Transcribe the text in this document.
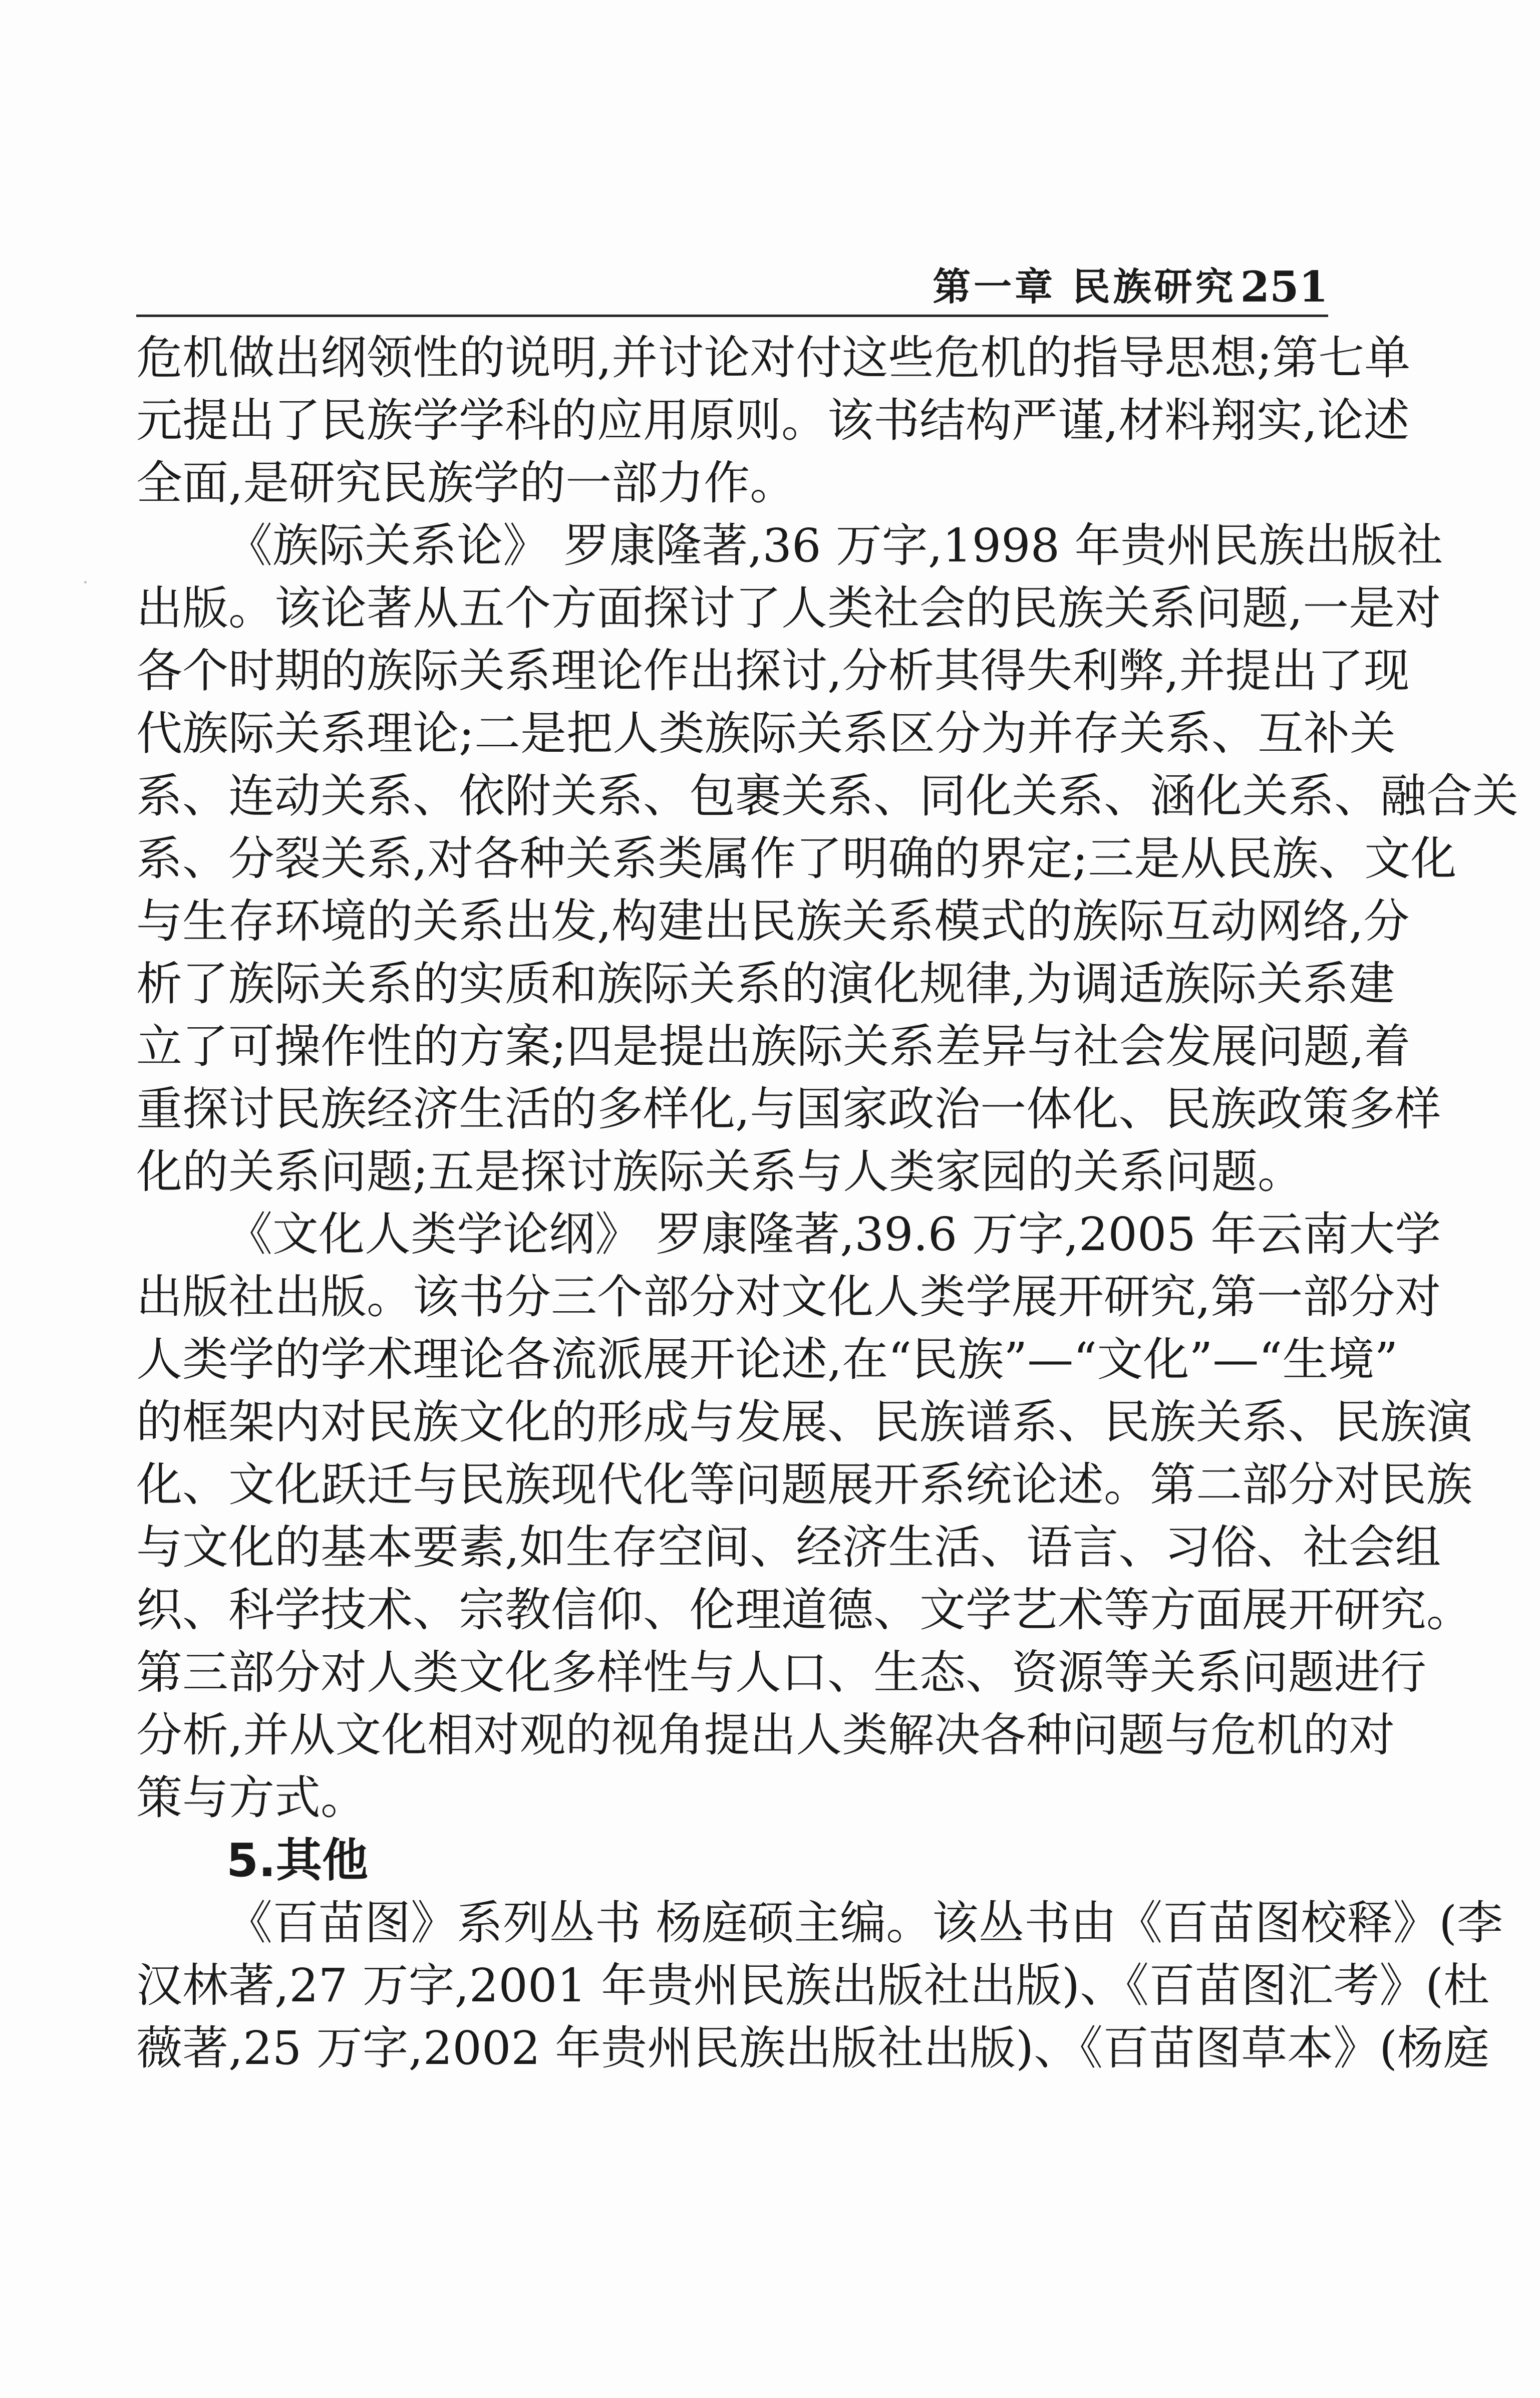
第一章 民族研究251
危机做出纲领性的说明,并讨论对付这些危机的指导思想;第七单
元提出了民族学学科的应用原则。该书结构严谨,材料翔实,论述
全面,是研究民族学的一部力作。
《族际关系论》 罗康隆著,36 万字,1998 年贵州民族出版社
出版。该论著从五个方面探讨了人类社会的民族关系问题,一是对
各个时期的族际关系理论作出探讨,分析其得失利弊,并提出了现
代族际关系理论;二是把人类族际关系区分为并存关系、互补关
系、连动关系、依附关系、包裹关系、同化关系、涵化关系、融合关
系、分裂关系,对各种关系类属作了明确的界定;三是从民族、文化
与生存环境的关系出发,构建出民族关系模式的族际互动网络,分
析了族际关系的实质和族际关系的演化规律,为调适族际关系建
立了可操作性的方案;四是提出族际关系差异与社会发展问题,着
重探讨民族经济生活的多样化,与国家政治一体化、民族政策多样
化的关系问题;五是探讨族际关系与人类家园的关系问题。
《文化人类学论纲》 罗康隆著,39.6 万字,2005 年云南大学
出版社出版。该书分三个部分对文化人类学展开研究,第一部分对
人类学的学术理论各流派展开论述,在“民族”—“文化”—“生境”
的框架内对民族文化的形成与发展、民族谱系、民族关系、民族演
化、文化跃迁与民族现代化等问题展开系统论述。第二部分对民族
与文化的基本要素,如生存空间、经济生活、语言、习俗、社会组
织、科学技术、宗教信仰、伦理道德、文学艺术等方面展开研究。
第三部分对人类文化多样性与人口、生态、资源等关系问题进行
分析,并从文化相对观的视角提出人类解决各种问题与危机的对
策与方式。
5.其他
《百苗图》系列丛书 杨庭硕主编。该丛书由《百苗图校释》(李
汉林著,27 万字,2001 年贵州民族出版社出版)、《百苗图汇考》(杜
薇著,25 万字,2002 年贵州民族出版社出版)、《百苗图草本》(杨庭
